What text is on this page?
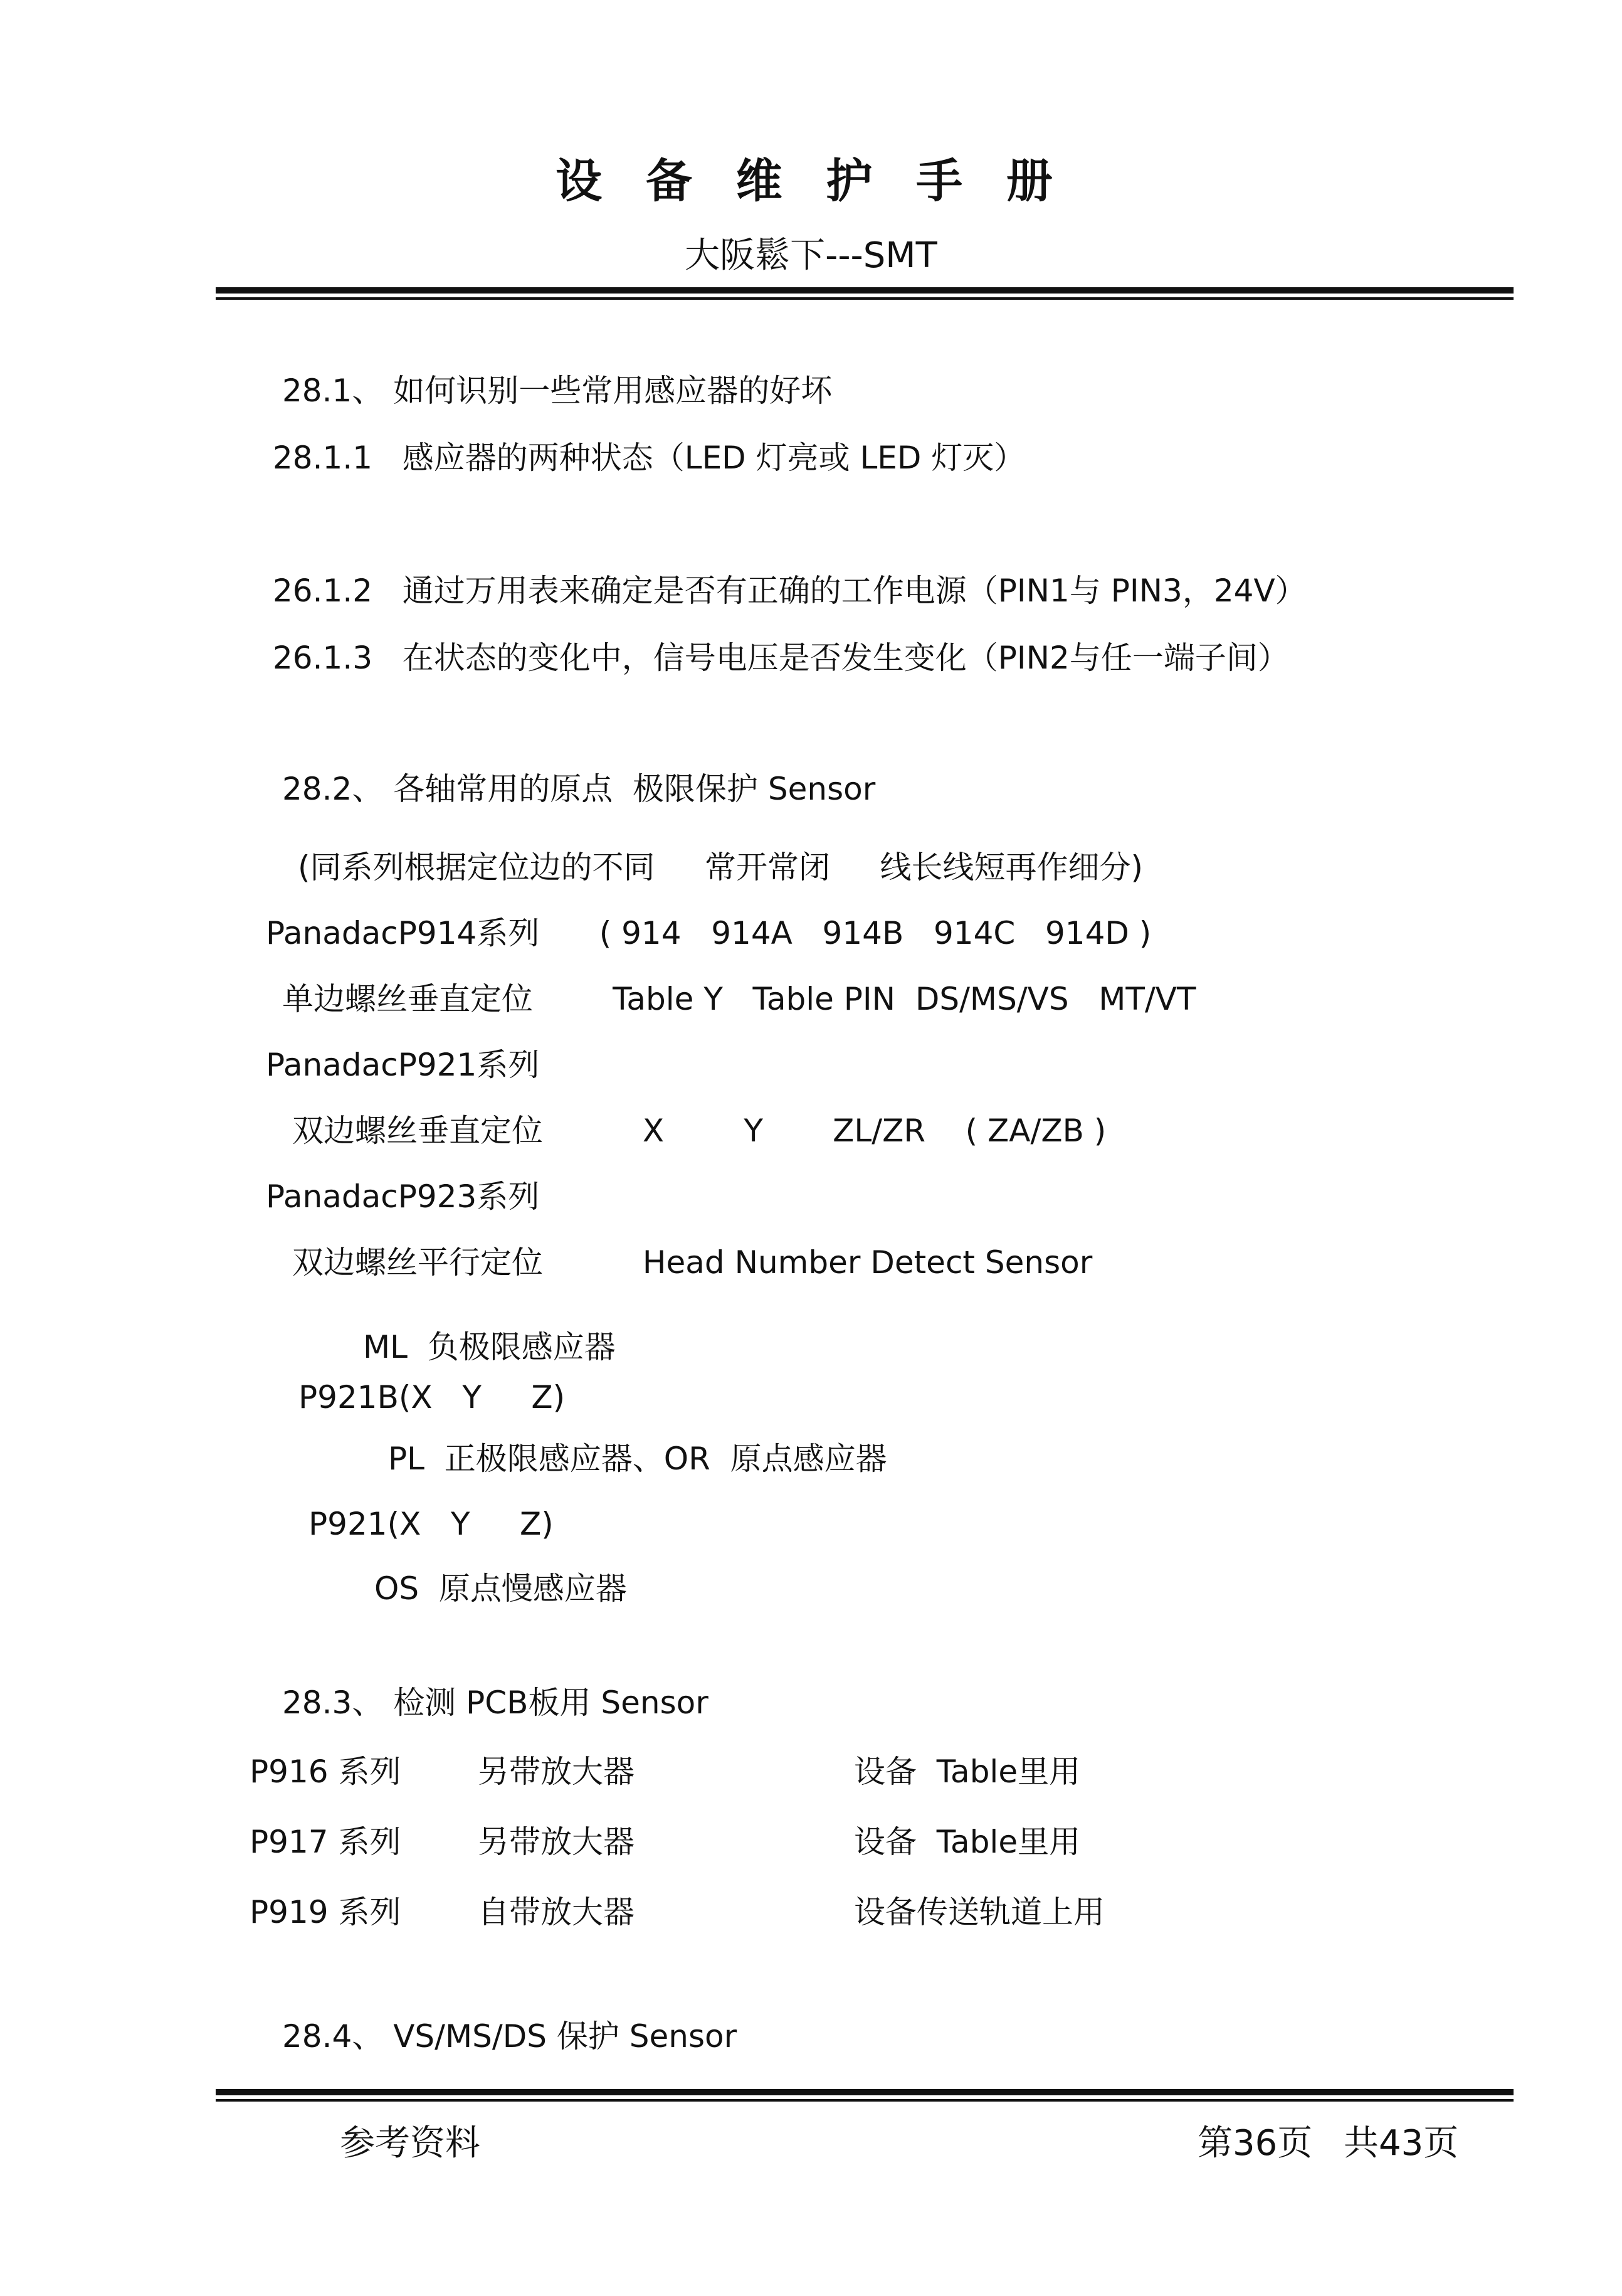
设 备 维 护 手 册
大阪鬆下---SMT
28.1、 如何识别一些常用感应器的好坏
28.1.1   感应器的两种状态（LED 灯亮或 LED 灯灭）
26.1.2   通过万用表来确定是否有正确的工作电源（PIN1与 PIN3，24V）
26.1.3   在状态的变化中，信号电压是否发生变化（PIN2与任一端子间）
28.2、 各轴常用的原点  极限保护 Sensor
(同系列根据定位边的不同     常开常闭     线长线短再作细分)
PanadacP914系列      ( 914   914A   914B   914C   914D )
单边螺丝垂直定位        Table Y   Table PIN  DS/MS/VS   MT/VT
PanadacP921系列
双边螺丝垂直定位          X        Y       ZL/ZR    ( ZA/ZB )
PanadacP923系列
双边螺丝平行定位          Head Number Detect Sensor
ML  负极限感应器
P921B(X   Y     Z)
PL  正极限感应器、OR  原点感应器
P921(X   Y     Z)
OS  原点慢感应器
28.3、 检测 PCB板用 Sensor
P916 系列 另带放大器	设备  Table里用
P917 系列 另带放大器	设备  Table里用
P919 系列 自带放大器	设备传送轨道上用
28.4、 VS/MS/DS 保护 Sensor
参考资料	第36页 共43页
